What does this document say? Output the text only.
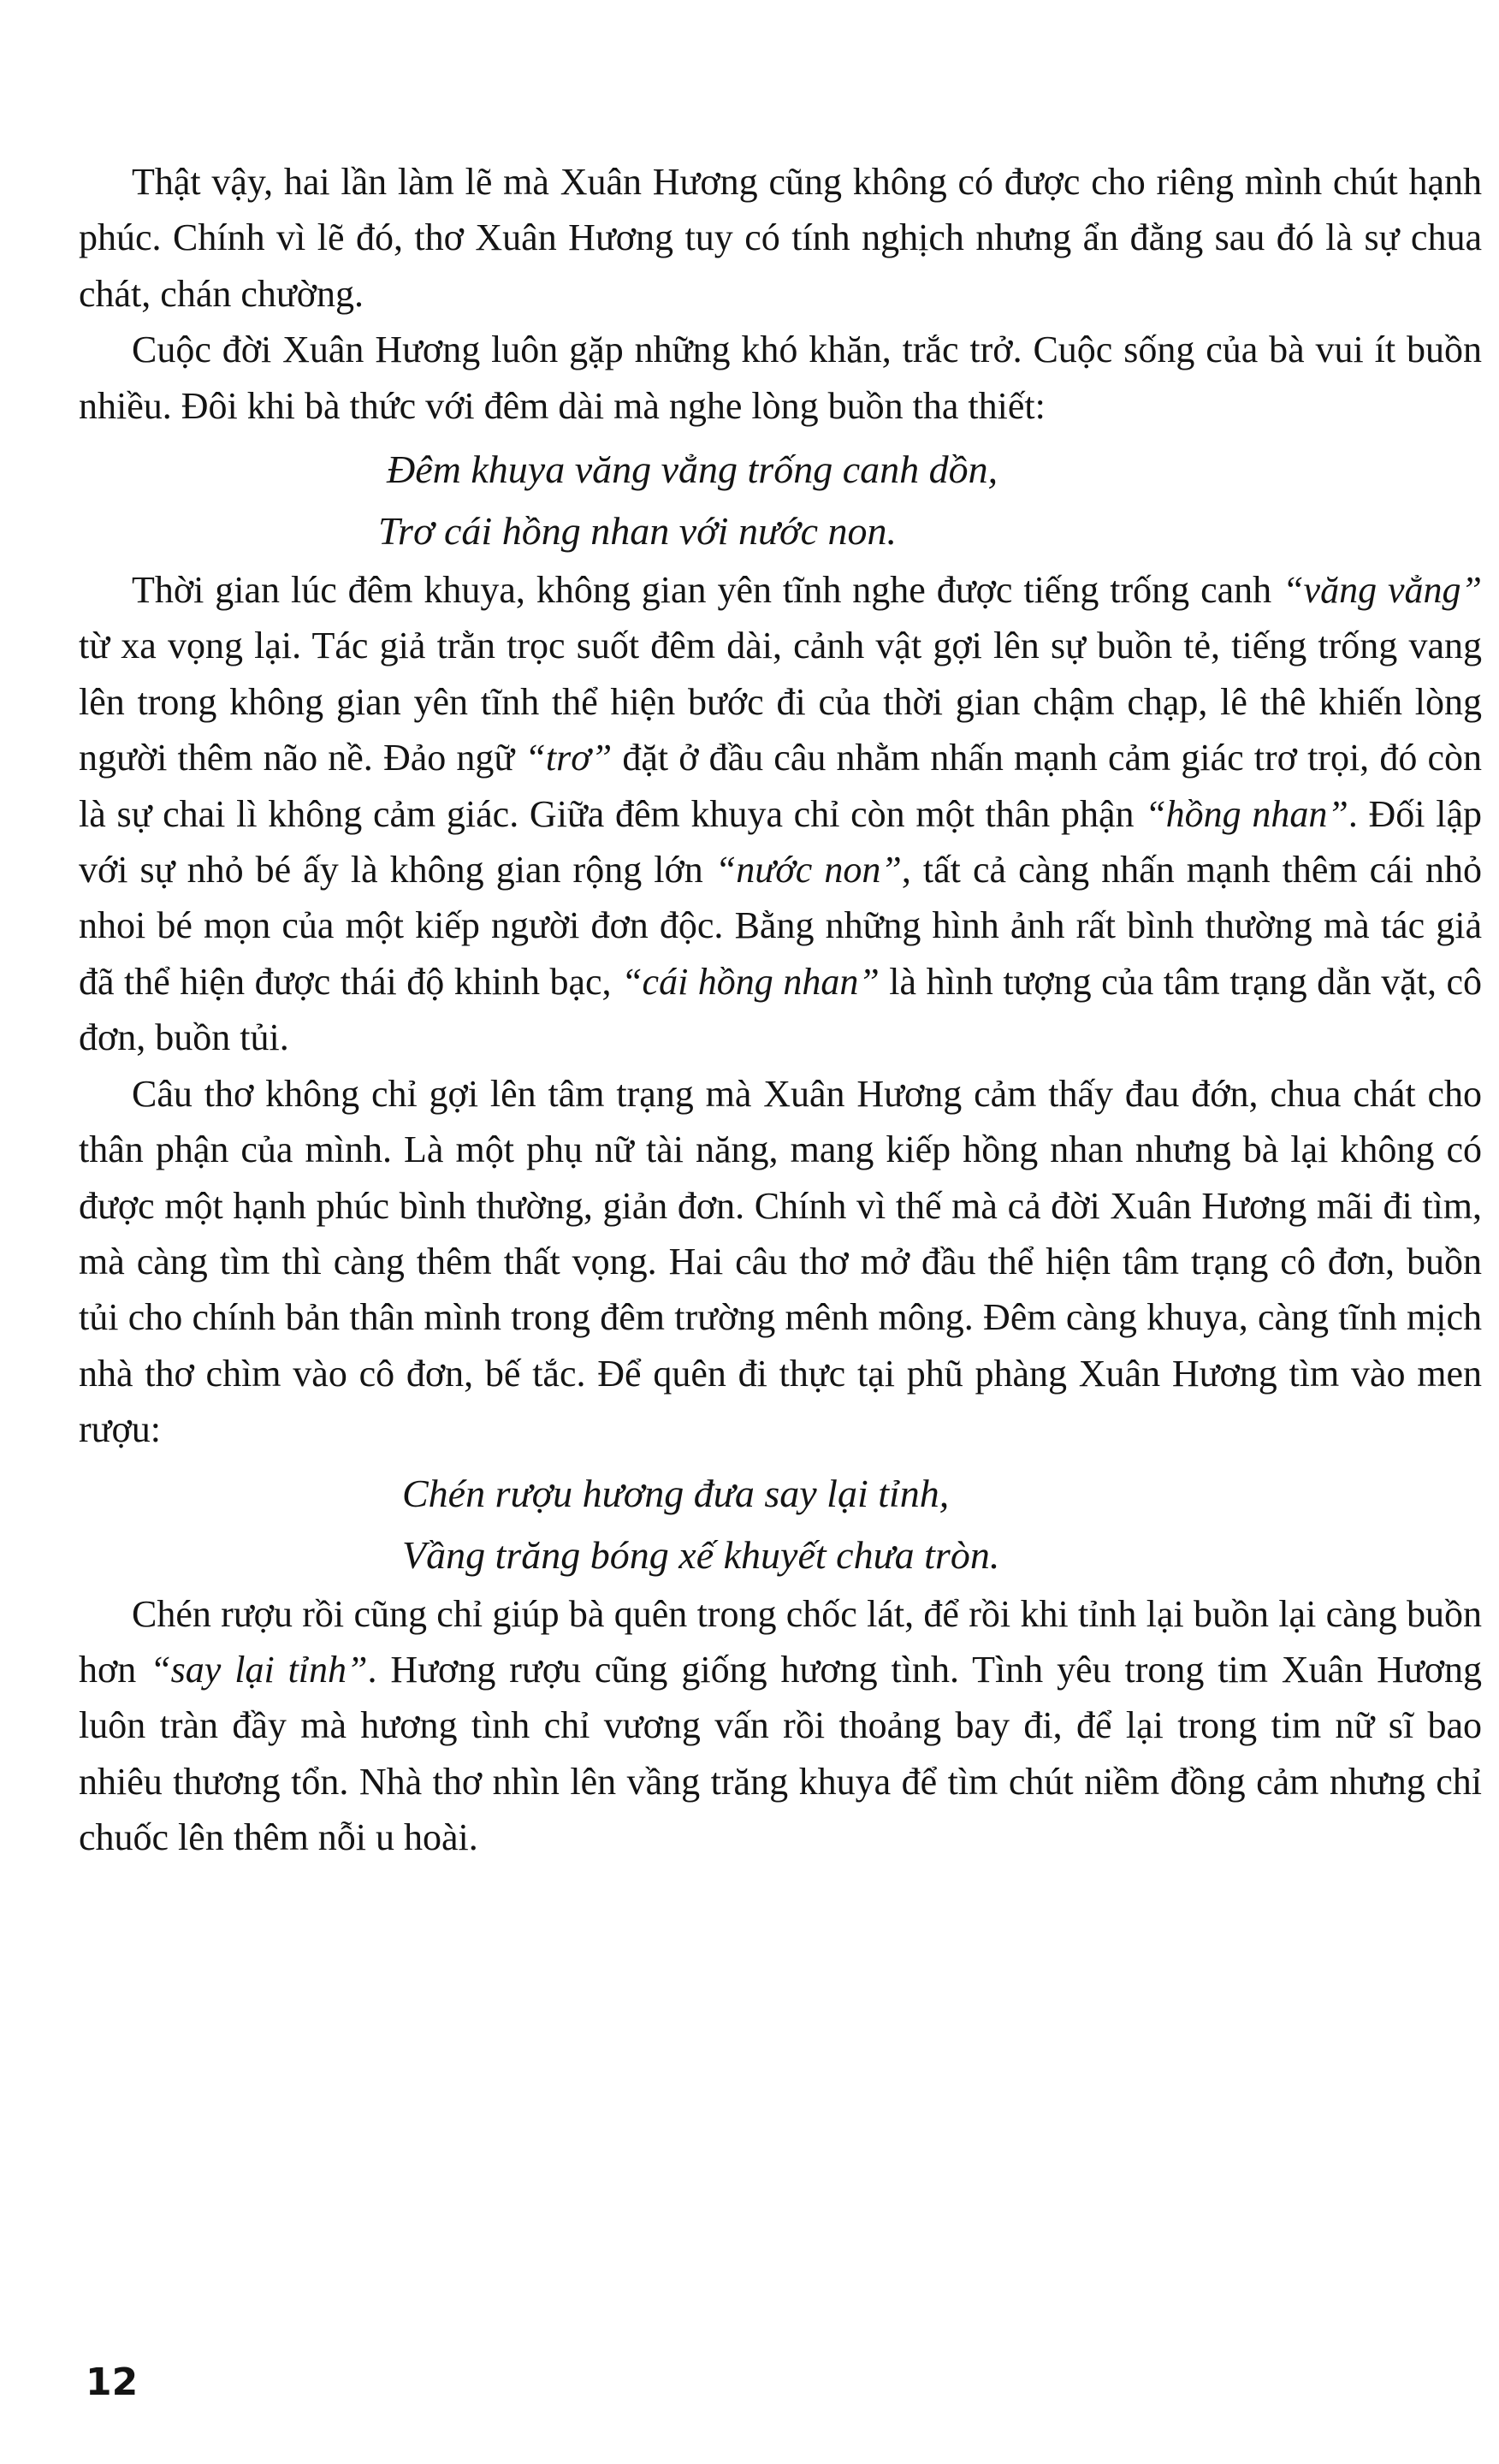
Thật vậy, hai lần làm lẽ mà Xuân Hương cũng không có được cho riêng mình chút hạnh phúc. Chính vì lẽ đó, thơ Xuân Hương tuy có tính nghịch nhưng ẩn đằng sau đó là sự chua chát, chán chường.

Cuộc đời Xuân Hương luôn gặp những khó khăn, trắc trở. Cuộc sống của bà vui ít buồn nhiều. Đôi khi bà thức với đêm dài mà nghe lòng buồn tha thiết:

Đêm khuya văng vẳng trống canh dồn,

Trơ cái hồng nhan với nước non.

Thời gian lúc đêm khuya, không gian yên tĩnh nghe được tiếng trống canh “văng vẳng” từ xa vọng lại. Tác giả trằn trọc suốt đêm dài, cảnh vật gợi lên sự buồn tẻ, tiếng trống vang lên trong không gian yên tĩnh thể hiện bước đi của thời gian chậm chạp, lê thê khiến lòng người thêm não nề. Đảo ngữ “trơ” đặt ở đầu câu nhằm nhấn mạnh cảm giác trơ trọi, đó còn là sự chai lì không cảm giác. Giữa đêm khuya chỉ còn một thân phận “hồng nhan”. Đối lập với sự nhỏ bé ấy là không gian rộng lớn “nước non”, tất cả càng nhấn mạnh thêm cái nhỏ nhoi bé mọn của một kiếp người đơn độc. Bằng những hình ảnh rất bình thường mà tác giả đã thể hiện được thái độ khinh bạc, “cái hồng nhan” là hình tượng của tâm trạng dằn vặt, cô đơn, buồn tủi.

Câu thơ không chỉ gợi lên tâm trạng mà Xuân Hương cảm thấy đau đớn, chua chát cho thân phận của mình. Là một phụ nữ tài năng, mang kiếp hồng nhan nhưng bà lại không có được một hạnh phúc bình thường, giản đơn. Chính vì thế mà cả đời Xuân Hương mãi đi tìm, mà càng tìm thì càng thêm thất vọng. Hai câu thơ mở đầu thể hiện tâm trạng cô đơn, buồn tủi cho chính bản thân mình trong đêm trường mênh mông. Đêm càng khuya, càng tĩnh mịch nhà thơ chìm vào cô đơn, bế tắc. Để quên đi thực tại phũ phàng Xuân Hương tìm vào men rượu:

Chén rượu hương đưa say lại tỉnh,

Vầng trăng bóng xế khuyết chưa tròn.

Chén rượu rồi cũng chỉ giúp bà quên trong chốc lát, để rồi khi tỉnh lại buồn lại càng buồn hơn “say lại tỉnh”. Hương rượu cũng giống hương tình. Tình yêu trong tim Xuân Hương luôn tràn đầy mà hương tình chỉ vương vấn rồi thoảng bay đi, để lại trong tim nữ sĩ bao nhiêu thương tổn. Nhà thơ nhìn lên vầng trăng khuya để tìm chút niềm đồng cảm nhưng chỉ chuốc lên thêm nỗi u hoài.

12
